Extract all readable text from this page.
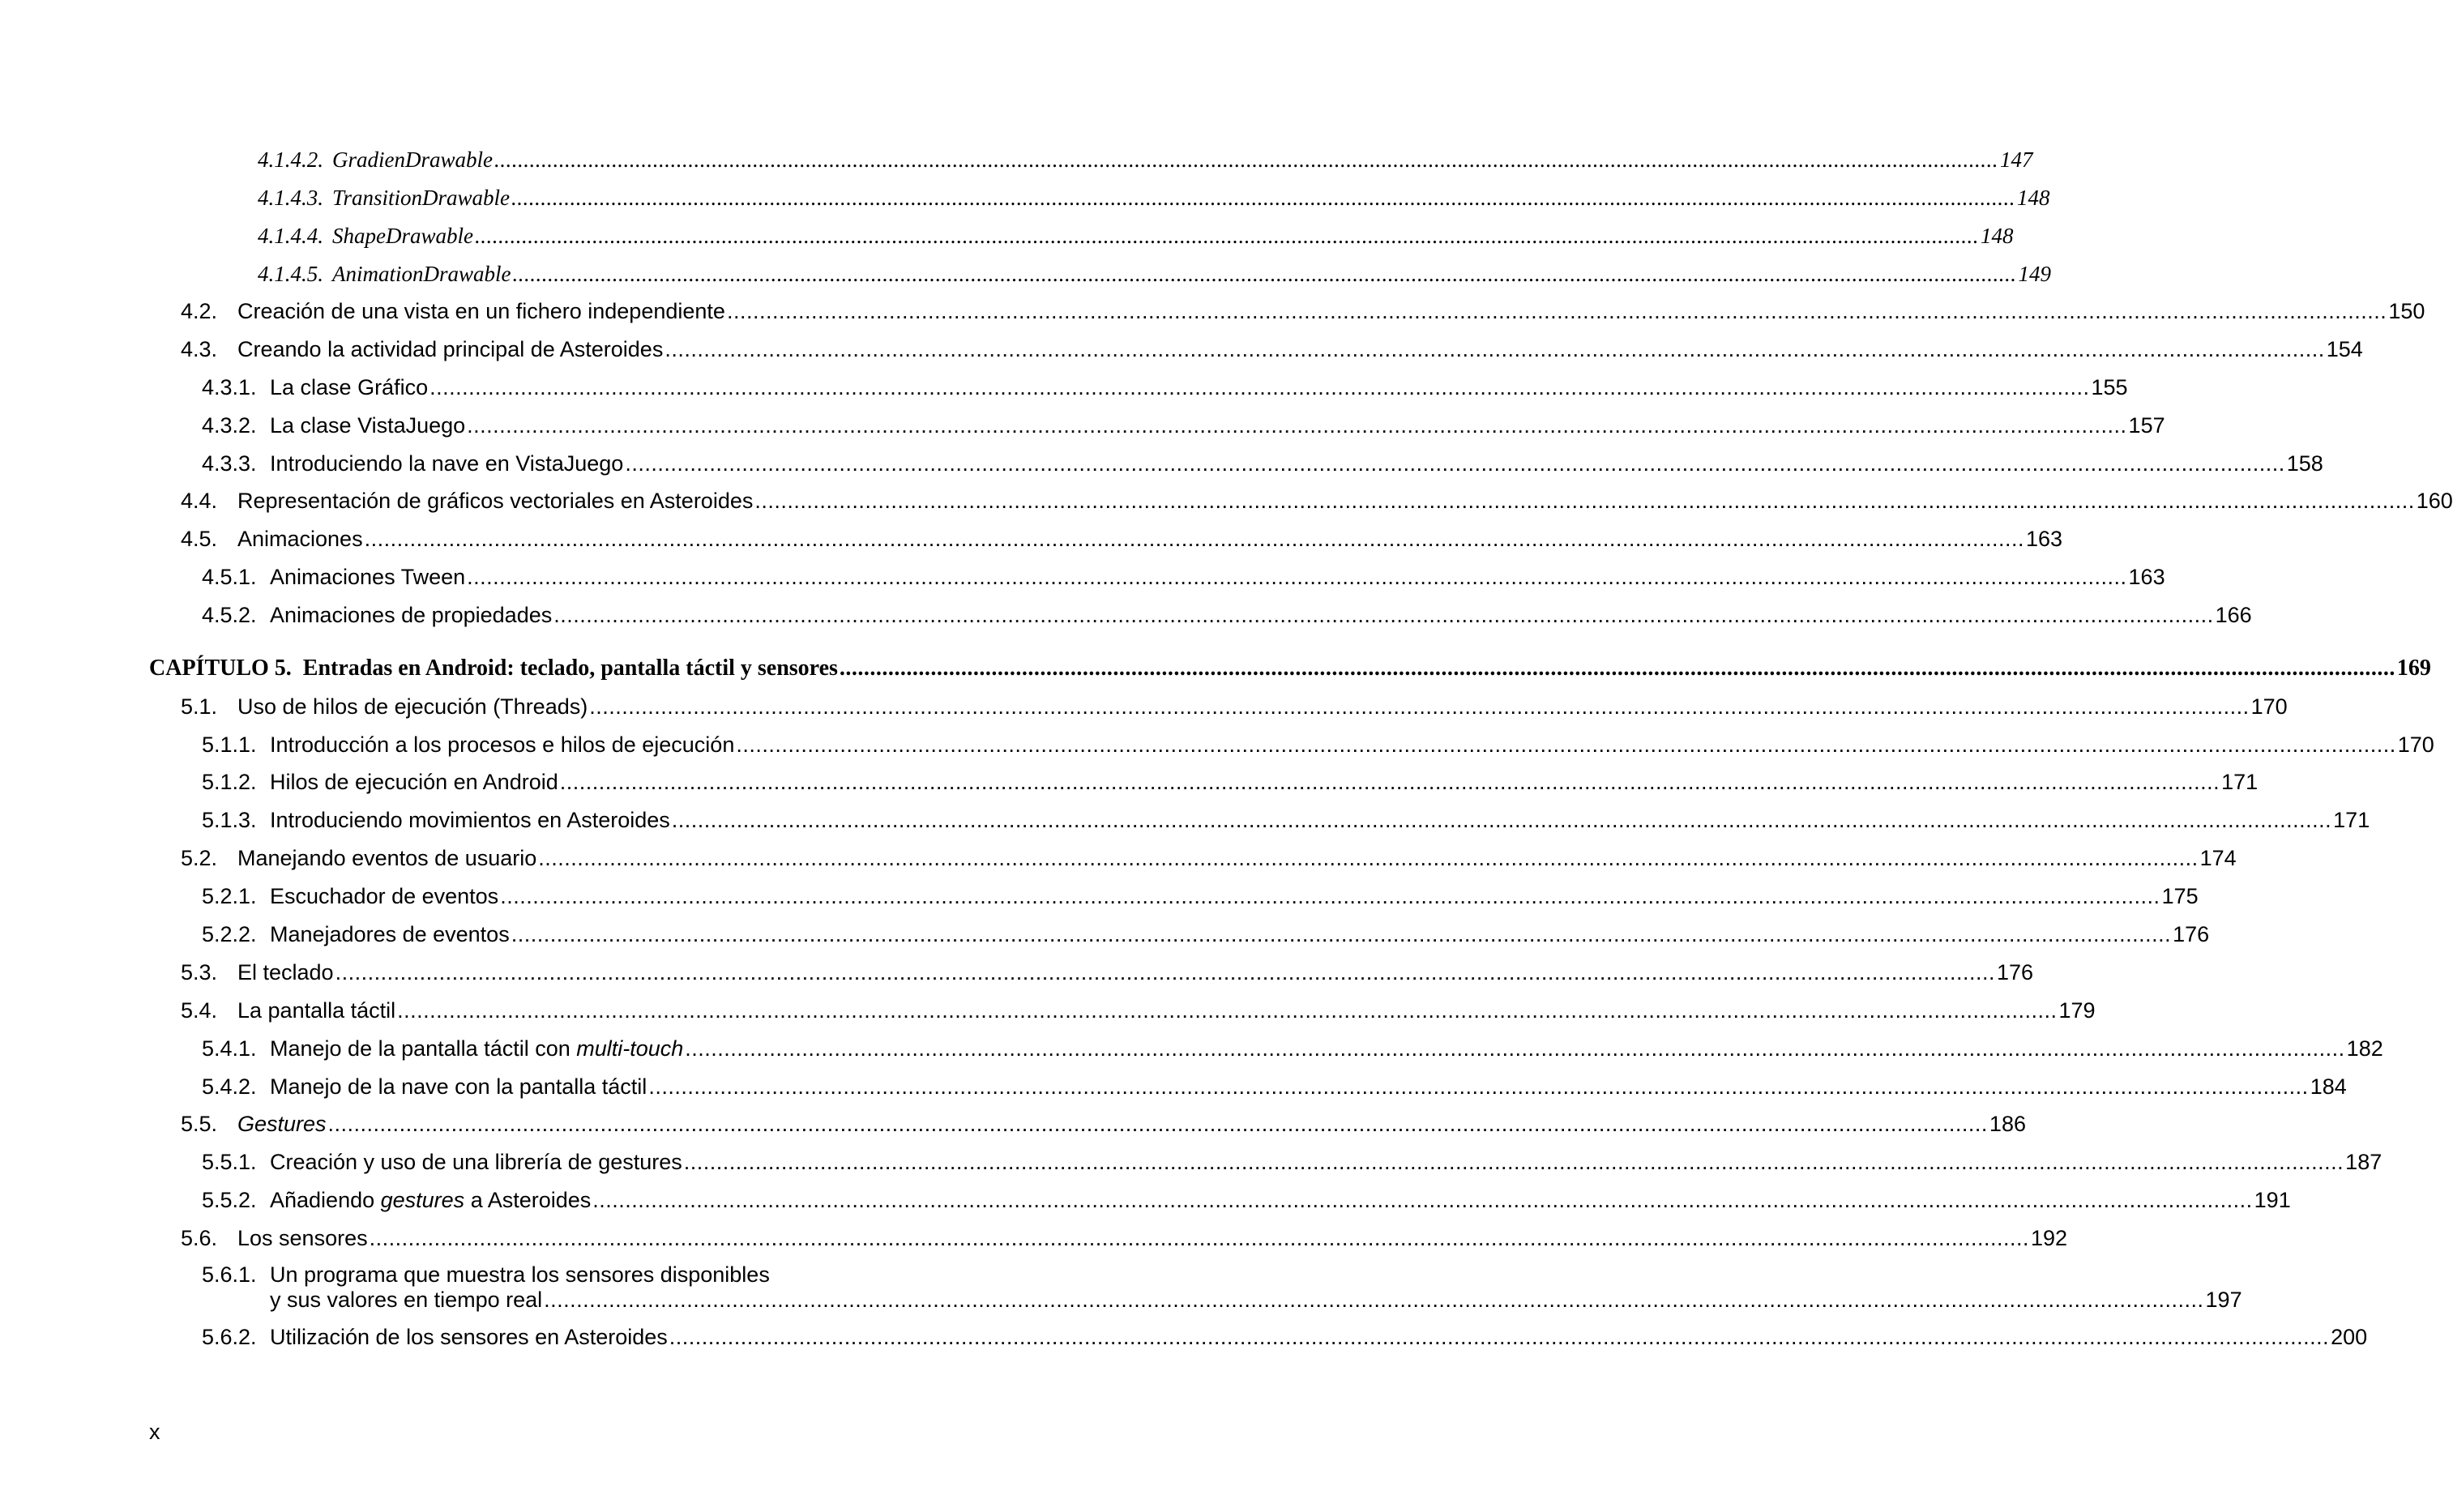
4.1.4.2. GradienDrawable .....	147
4.1.4.3. TransitionDrawable .....	148
4.1.4.4. ShapeDrawable .....	148
4.1.4.5. AnimationDrawable .....	149
4.2. Creación de una vista en un fichero independiente .....	150
4.3. Creando la actividad principal de Asteroides .....	154
4.3.1. La clase Gráfico .....	155
4.3.2. La clase VistaJuego .....	157
4.3.3. Introduciendo la nave en VistaJuego .....	158
4.4. Representación de gráficos vectoriales en Asteroides .....	160
4.5. Animaciones .....	163
4.5.1. Animaciones Tween .....	163
4.5.2. Animaciones de propiedades .....	166
CAPÍTULO 5. Entradas en Android: teclado, pantalla táctil y sensores .....	169
5.1. Uso de hilos de ejecución (Threads) .....	170
5.1.1. Introducción a los procesos e hilos de ejecución .....	170
5.1.2. Hilos de ejecución en Android .....	171
5.1.3. Introduciendo movimientos en Asteroides .....	171
5.2. Manejando eventos de usuario .....	174
5.2.1. Escuchador de eventos .....	175
5.2.2. Manejadores de eventos .....	176
5.3. El teclado .....	176
5.4. La pantalla táctil .....	179
5.4.1. Manejo de la pantalla táctil con multi-touch .....	182
5.4.2. Manejo de la nave con la pantalla táctil .....	184
5.5. Gestures .....	186
5.5.1. Creación y uso de una librería de gestures .....	187
5.5.2. Añadiendo gestures a Asteroides .....	191
5.6. Los sensores .....	192
5.6.1. Un programa que muestra los sensores disponibles
y sus valores en tiempo real .....	197
5.6.2. Utilización de los sensores en Asteroides .....	200
x
